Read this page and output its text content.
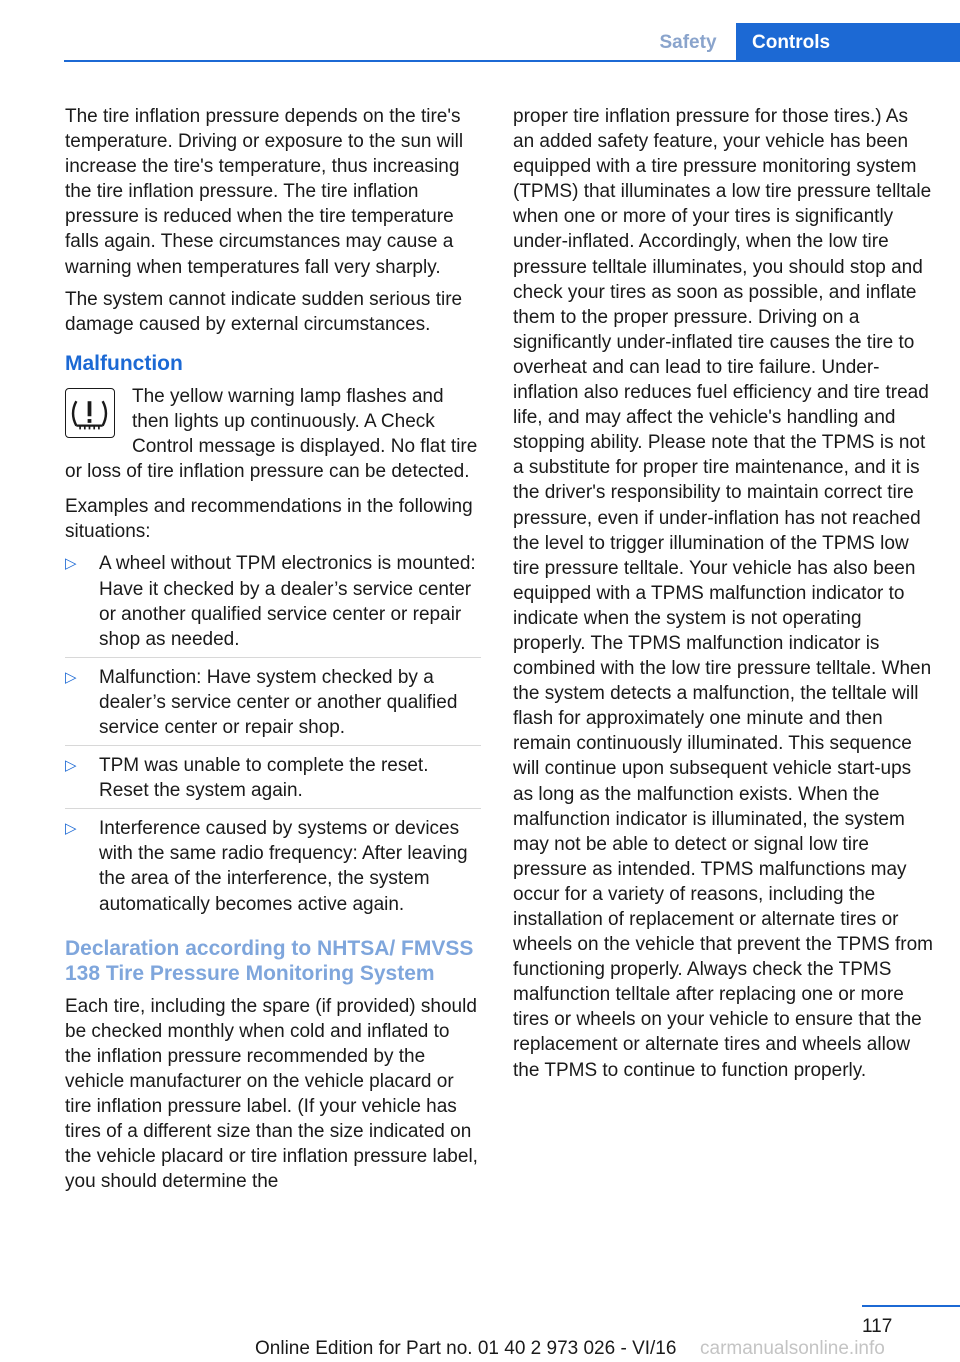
Safety	Controls

The tire inflation pressure depends on the tire's temperature. Driving or exposure to the sun will increase the tire's temperature, thus increasing the tire inflation pressure. The tire inflation pressure is reduced when the tire temperature falls again. These circumstances may cause a warning when temperatures fall very sharply.

The system cannot indicate sudden serious tire damage caused by external circumstances.

Malfunction

The yellow warning lamp flashes and then lights up continuously. A Check Control message is displayed. No flat tire or loss of tire inflation pressure can be detected.

Examples and recommendations in the following situations:

▷ A wheel without TPM electronics is mounted: Have it checked by a dealer’s service center or another qualified service center or repair shop as needed.
▷ Malfunction: Have system checked by a dealer’s service center or another qualified service center or repair shop.
▷ TPM was unable to complete the reset. Reset the system again.
▷ Interference caused by systems or devices with the same radio frequency: After leaving the area of the interference, the system automatically becomes active again.
Declaration according to NHTSA/ FMVSS 138 Tire Pressure Monitoring System

Each tire, including the spare (if provided) should be checked monthly when cold and inflated to the inflation pressure recommended by the vehicle manufacturer on the vehicle placard or tire inflation pressure label. (If your vehicle has tires of a different size than the size indicated on the vehicle placard or tire inflation pressure label, you should determine the

proper tire inflation pressure for those tires.) As an added safety feature, your vehicle has been equipped with a tire pressure monitoring system (TPMS) that illuminates a low tire pressure telltale when one or more of your tires is significantly under-inflated. Accordingly, when the low tire pressure telltale illuminates, you should stop and check your tires as soon as possible, and inflate them to the proper pressure. Driving on a significantly under-inflated tire causes the tire to overheat and can lead to tire failure. Under-inflation also reduces fuel efficiency and tire tread life, and may affect the vehicle's handling and stopping ability. Please note that the TPMS is not a substitute for proper tire maintenance, and it is the driver's responsibility to maintain correct tire pressure, even if under-inflation has not reached the level to trigger illumination of the TPMS low tire pressure telltale. Your vehicle has also been equipped with a TPMS malfunction indicator to indicate when the system is not operating properly. The TPMS malfunction indicator is combined with the low tire pressure telltale. When the system detects a malfunction, the telltale will flash for approximately one minute and then remain continuously illuminated. This sequence will continue upon subsequent vehicle start-ups as long as the malfunction exists. When the malfunction indicator is illuminated, the system may not be able to detect or signal low tire pressure as intended. TPMS malfunctions may occur for a variety of reasons, including the installation of replacement or alternate tires or wheels on the vehicle that prevent the TPMS from functioning properly. Always check the TPMS malfunction telltale after replacing one or more tires or wheels on your vehicle to ensure that the replacement or alternate tires and wheels allow the TPMS to continue to function properly.

117
Online Edition for Part no. 01 40 2 973 026 - VI/16 carmanualsonline.info
